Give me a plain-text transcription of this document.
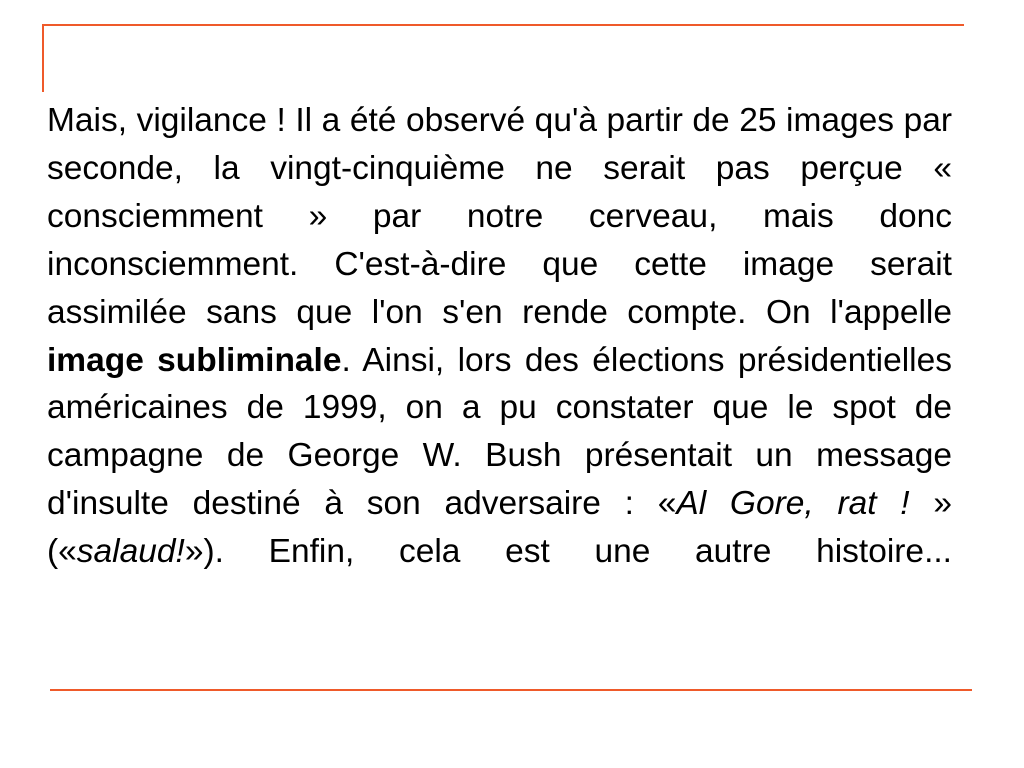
Mais, vigilance ! Il a été observé qu'à partir de 25 images par seconde, la vingt-cinquième ne serait pas perçue « consciemment » par notre cerveau, mais donc inconsciemment. C'est-à-dire que cette image serait assimilée sans que l'on s'en rende compte. On l'appelle image subliminale. Ainsi, lors des élections présidentielles américaines de 1999, on a pu constater que le spot de campagne de George W. Bush présentait un message d'insulte destiné à son adversaire : «Al Gore, rat ! » («salaud!»). Enfin, cela est une autre histoire...
